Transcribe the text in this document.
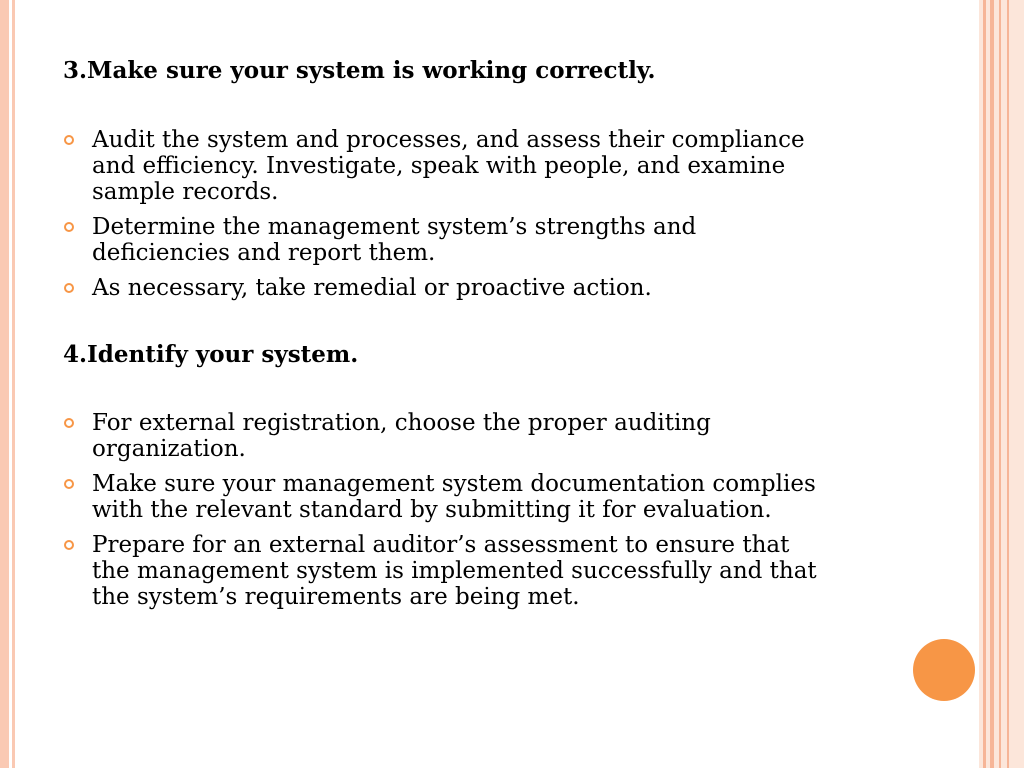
3.Make sure your system is working correctly.
Audit the system and processes, and assess their compliance
and efficiency. Investigate, speak with people, and examine
sample records.
Determine the management system’s strengths and
deficiencies and report them.
As necessary, take remedial or proactive action.
4.Identify your system.
For external registration, choose the proper auditing
organization.
Make sure your management system documentation complies
with the relevant standard by submitting it for evaluation.
Prepare for an external auditor’s assessment to ensure that
the management system is implemented successfully and that
the system’s requirements are being met.
